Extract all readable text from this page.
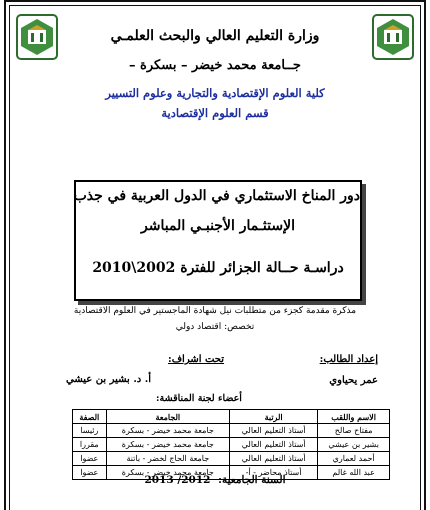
وزارة التعليم العالي والبحث العلمـي
جــامعة محمد خيضر – بسكرة –
كلية العلوم الإقتصادية والتجارية وعلوم التسيير
قسم العلوم الإقتصادية
دور المناخ الاستثماري في الدول العربية في جذب
الإستثـمار الأجنبـي المباشر
دراسـة حــالة الجزائر للفترة 2002\2010
مذكرة مقدمة كجزء من متطلبات نيل شهادة الماجستير في العلوم الاقتصادية
تخصص: اقتصاد دولي
إعداد الطالب:
عمر يحياوي
تحت اشراف:
أ. د. بشير بن عيشي
أعضاء لجنة المناقشة:
الاسم واللقب	الرتبة	الجامعة	الصفة
مفتاح صالح	أستاذ التعليم العالي	جامعة محمد خيضر - بسكرة	رئيسا
بشير بن عيشي	أستاذ التعليم العالي	جامعة محمد خيضر - بسكرة	مقررا
أحمد لعماري	أستاذ التعليم العالي	جامعة الحاج لخضر - باتنة	عضوا
عبد الله غالم	أستاذ محاضر - أ-	جامعة محمد خيضر - بسكرة	عضوا
السنة الجامعية: 2012/ 2013
